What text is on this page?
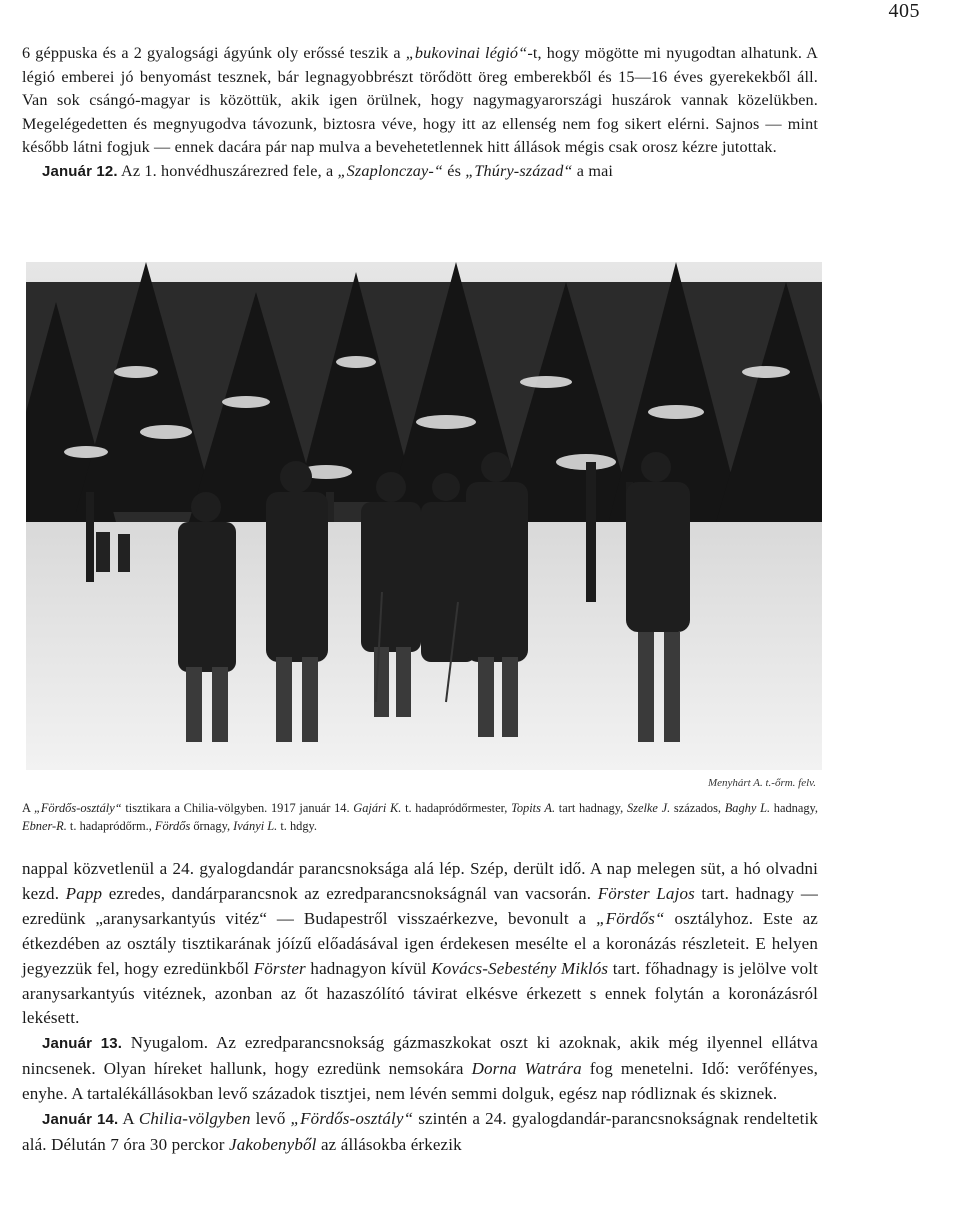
405

6 géppuska és a 2 gyalogsági ágyúnk oly erőssé teszik a „bukovinai légió“-t, hogy mögötte mi nyugodtan alhatunk. A légió emberei jó benyomást tesznek, bár legnagyobbrészt törődött öreg emberekből és 15—16 éves gyerekekből áll. Van sok csángó-magyar is közöttük, akik igen örülnek, hogy nagymagyarországi huszárok vannak közelükben. Megelégedetten és megnyugodva távozunk, biztosra véve, hogy itt az ellenség nem fog sikert elérni. Sajnos — mint később látni fogjuk — ennek dacára pár nap mulva a bevehetetlennek hitt állások mégis csak orosz kézre jutottak.

Január 12. Az 1. honvédhuszárezred fele, a „Szaplonczay-“ és „Thúry-század“ a mai

Menyhárt A. t.-őrm. felv.

A „Fördős-osztály“ tisztikara a Chilia-völgyben. 1917 január 14. Gajári K. t. hadapródőrmester, Topits A. tart hadnagy, Szelke J. százados, Baghy L. hadnagy, Ebner-R. t. hadapródőrm., Fördős őrnagy, Iványi L. t. hdgy.

nappal közvetlenül a 24. gyalogdandár parancsnoksága alá lép. Szép, derült idő. A nap melegen süt, a hó olvadni kezd. Papp ezredes, dandárparancsnok az ezredparancsnokságnál van vacsorán. Förster Lajos tart. hadnagy — ezredünk „aranysarkantyús vitéz“ — Budapestről visszaérkezve, bevonult a „Fördős“ osztályhoz. Este az étkezdében az osztály tisztikarának jóízű előadásával igen érdekesen mesélte el a koronázás részleteit. E helyen jegyezzük fel, hogy ezredünkből Förster hadnagyon kívül Kovács-Sebestény Miklós tart. főhadnagy is jelölve volt aranysarkantyús vitéznek, azonban az őt hazaszólító távirat elkésve érkezett s ennek folytán a koronázásról lekésett.

Január 13. Nyugalom. Az ezredparancsnokság gázmaszkokat oszt ki azoknak, akik még ilyennel ellátva nincsenek. Olyan híreket hallunk, hogy ezredünk nemsokára Dorna Watrára fog menetelni. Idő: verőfényes, enyhe. A tartalékállásokban levő századok tisztjei, nem lévén semmi dolguk, egész nap ródliznak és skiznek.

Január 14. A Chilia-völgyben levő „Fördős-osztály“ szintén a 24. gyalogdandár-parancsnokságnak rendeltetik alá. Délután 7 óra 30 perckor Jakobenyből az állásokba érkezik
